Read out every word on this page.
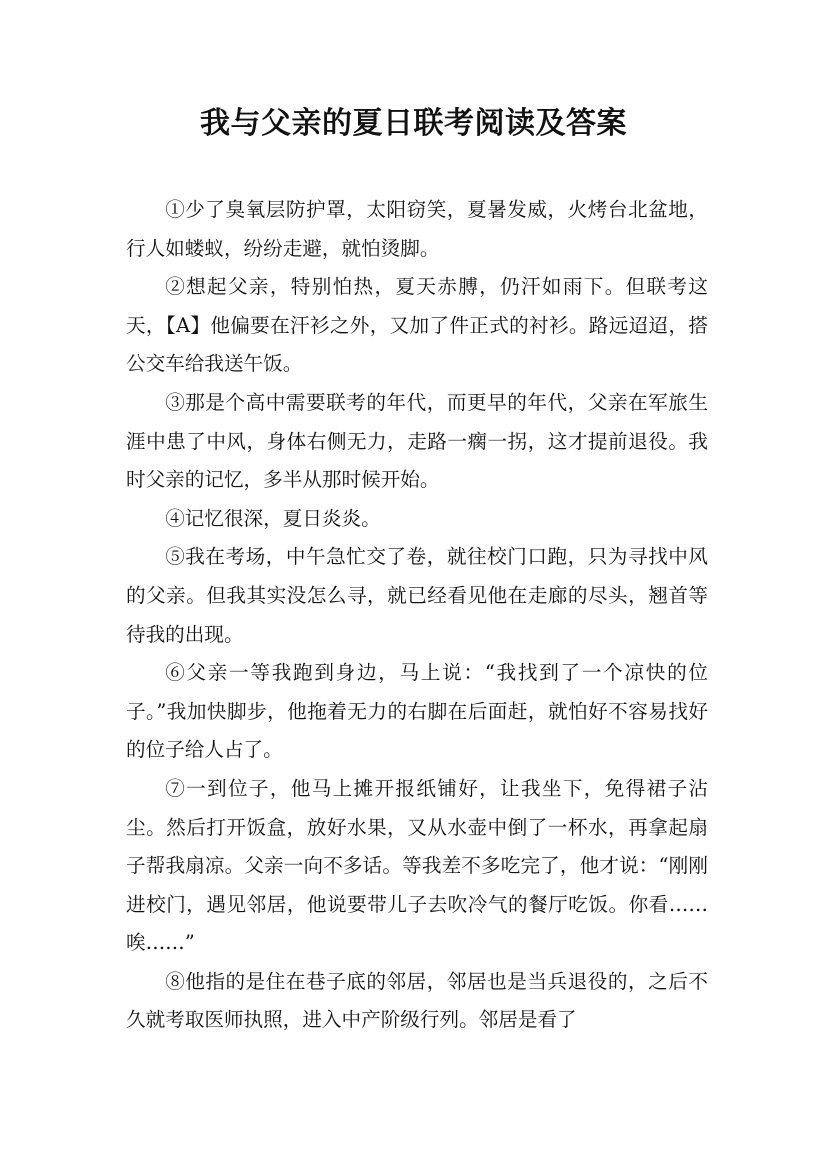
我与父亲的夏日联考阅读及答案

①少了臭氧层防护罩，太阳窃笑，夏暑发威，火烤台北盆地，行人如蝼蚁，纷纷走避，就怕烫脚。

②想起父亲，特别怕热，夏天赤膊，仍汗如雨下。但联考这天，【A】他偏要在汗衫之外，又加了件正式的衬衫。路远迢迢，搭公交车给我送午饭。

③那是个高中需要联考的年代，而更早的年代，父亲在军旅生涯中患了中风，身体右侧无力，走路一瘸一拐，这才提前退役。我时父亲的记忆，多半从那时候开始。

④记忆很深，夏日炎炎。

⑤我在考场，中午急忙交了卷，就往校门口跑，只为寻找中风的父亲。但我其实没怎么寻，就已经看见他在走廊的尽头，翘首等待我的出现。

⑥父亲一等我跑到身边，马上说：“我找到了一个凉快的位子。”我加快脚步，他拖着无力的右脚在后面赶，就怕好不容易找好的位子给人占了。

⑦一到位子，他马上摊开报纸铺好，让我坐下，免得裙子沾尘。然后打开饭盒，放好水果，又从水壶中倒了一杯水，再拿起扇子帮我扇凉。父亲一向不多话。等我差不多吃完了，他才说：“刚刚进校门，遇见邻居，他说要带儿子去吹冷气的餐厅吃饭。你看……唉……”

⑧他指的是住在巷子底的邻居，邻居也是当兵退役的，之后不久就考取医师执照，进入中产阶级行列。邻居是看了
